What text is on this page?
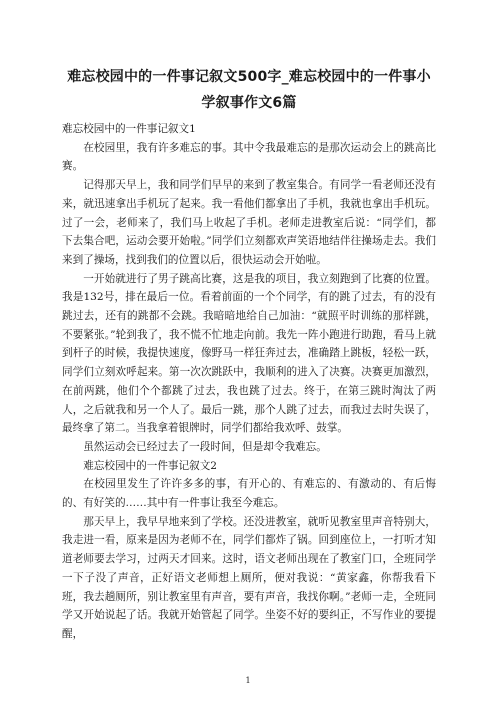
难忘校园中的一件事记叙文500字_难忘校园中的一件事小学叙事作文6篇

难忘校园中的一件事记叙文1

在校园里，我有许多难忘的事。其中令我最难忘的是那次运动会上的跳高比赛。

记得那天早上，我和同学们早早的来到了教室集合。有同学一看老师还没有来，就迅速拿出手机玩了起来。我一看他们都拿出了手机，我就也拿出手机玩。过了一会，老师来了，我们马上收起了手机。老师走进教室后说：“同学们，都下去集合吧，运动会要开始啦。”同学们立刻都欢声笑语地结伴往操场走去。我们来到了操场，找到我们的位置以后，很快运动会开始啦。

一开始就进行了男子跳高比赛，这是我的项目，我立刻跑到了比赛的位置。我是132号，排在最后一位。看着前面的一个个同学，有的跳了过去，有的没有跳过去，还有的跳都不会跳。我暗暗地给自己加油：“就照平时训练的那样跳，不要紧张。”轮到我了，我不慌不忙地走向前。我先一阵小跑进行助跑，看马上就到杆子的时候，我提快速度，像野马一样狂奔过去，准确踏上跳板，轻松一跃，同学们立刻欢呼起来。第一次次跳跃中，我顺利的进入了决赛。决赛更加激烈，在前两跳，他们个个都跳了过去，我也跳了过去。终于，在第三跳时淘汰了两人，之后就我和另一个人了。最后一跳，那个人跳了过去，而我过去时失误了，最终拿了第二。当我拿着银牌时，同学们都给我欢呼、鼓掌。

虽然运动会已经过去了一段时间，但是却令我难忘。

难忘校园中的一件事记叙文2

在校园里发生了许许多多的事，有开心的、有难忘的、有激动的、有后悔的、有好笑的……其中有一件事让我至今难忘。

那天早上，我早早地来到了学校。还没进教室，就听见教室里声音特别大，我走进一看，原来是因为老师不在，同学们都炸了锅。回到座位上，一打听才知道老师要去学习，过两天才回来。这时，语文老师出现在了教室门口，全班同学一下子没了声音，正好语文老师想上厕所，便对我说：“黄家鑫，你帮我看下班，我去趟厕所，别让教室里有声音，要有声音，我找你啊。”老师一走，全班同学又开始说起了话。我就开始管起了同学。坐姿不好的要纠正，不写作业的要提醒，

1
